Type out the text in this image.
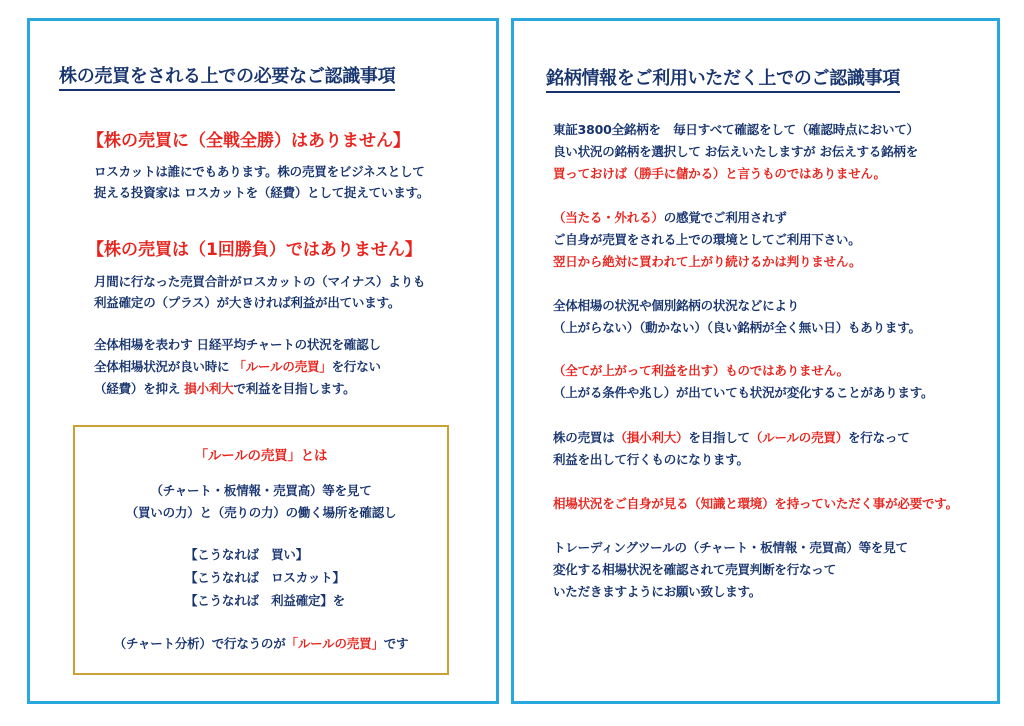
株の売買をされる上での必要なご認識事項
【株の売買に（全戦全勝）はありません】
ロスカットは誰にでもあります。株の売買をビジネスとして
捉える投資家は ロスカットを（経費）として捉えています。
【株の売買は（1回勝負）ではありません】
月間に行なった売買合計がロスカットの（マイナス）よりも
利益確定の（プラス）が大きければ利益が出ています。
全体相場を表わす 日経平均チャートの状況を確認し
全体相場状況が良い時に 「ルールの売買」を行ない
（経費）を抑え 損小利大で利益を目指します。
「ルールの売買」とは
（チャート・板情報・売買高）等を見て
（買いの力）と（売りの力）の働く場所を確認し
【こうなれば　買い】
【こうなれば　ロスカット】
【こうなれば　利益確定】を
（チャート分析）で行なうのが「ルールの売買」です
銘柄情報をご利用いただく上でのご認識事項
東証3800全銘柄を　毎日すべて確認をして（確認時点において）
良い状況の銘柄を選択して お伝えいたしますが お伝えする銘柄を
買っておけば（勝手に儲かる）と言うものではありません。
（当たる・外れる）の感覚でご利用されず
ご自身が売買をされる上での環境としてご利用下さい。
翌日から絶対に買われて上がり続けるかは判りません。
全体相場の状況や個別銘柄の状況などにより
（上がらない）（動かない）（良い銘柄が全く無い日）もあります。
（全てが上がって利益を出す）ものではありません。
（上がる条件や兆し）が出ていても状況が変化することがあります。
株の売買は（損小利大）を目指して（ルールの売買）を行なって
利益を出して行くものになります。
相場状況をご自身が見る（知識と環境）を持っていただく事が必要です。
トレーディングツールの（チャート・板情報・売買高）等を見て
変化する相場状況を確認されて売買判断を行なって
いただきますようにお願い致します。
